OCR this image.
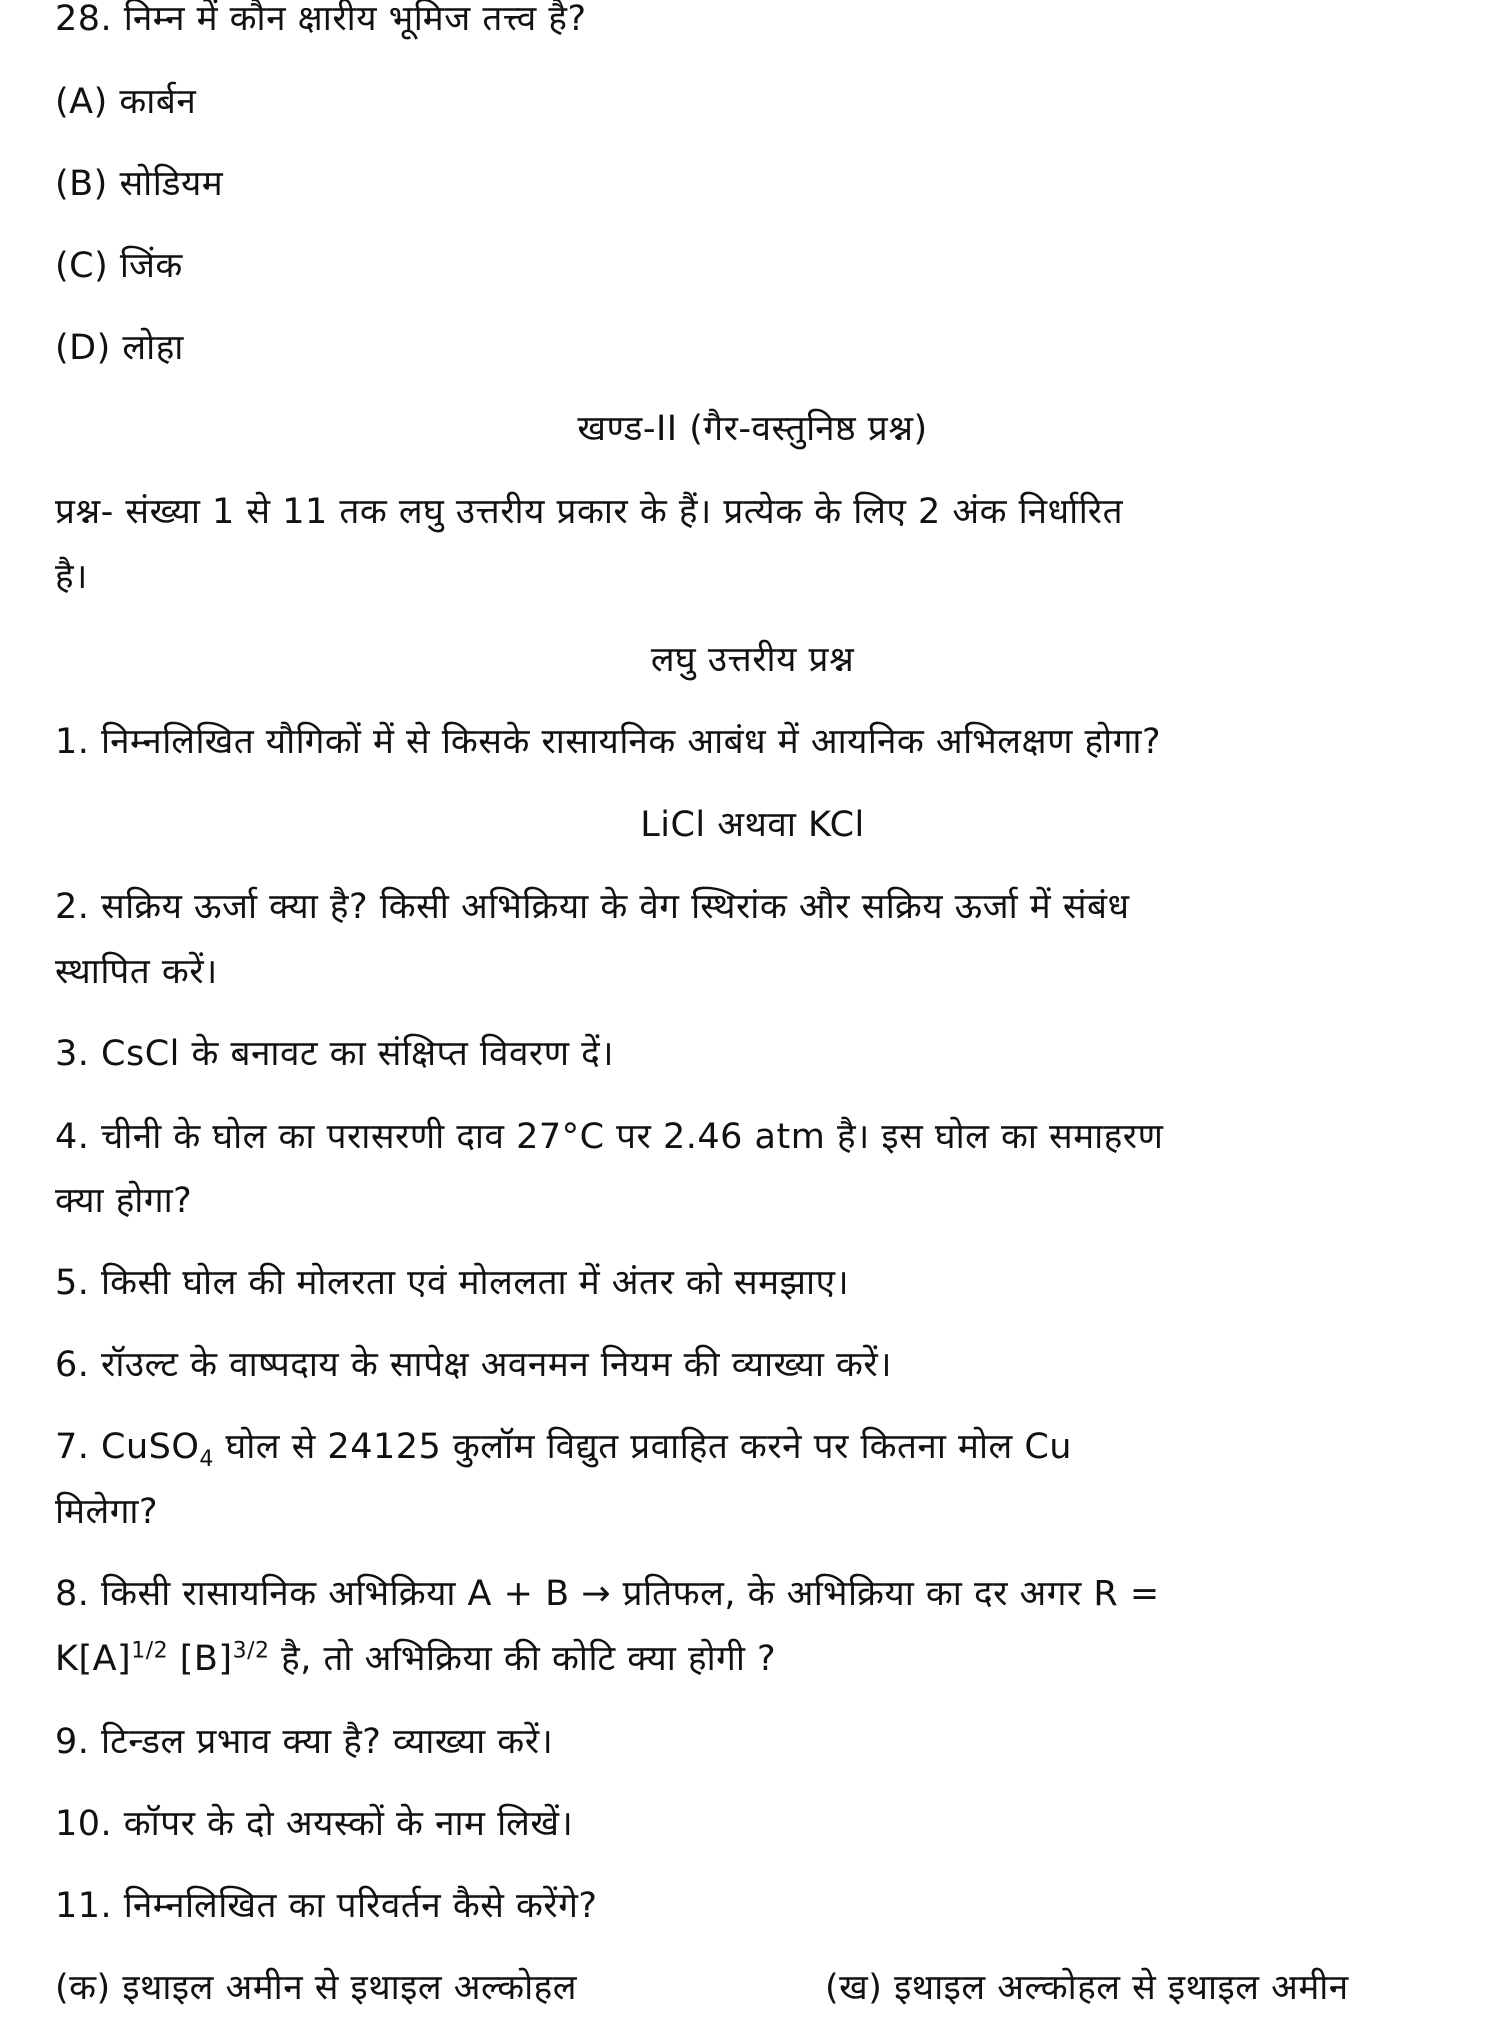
28. निम्न में कौन क्षारीय भूमिज तत्त्व है?
(A) कार्बन
(B) सोडियम
(C) जिंक
(D) लोहा
खण्ड-II (गैर-वस्तुनिष्ठ प्रश्न)
प्रश्न- संख्या 1 से 11 तक लघु उत्तरीय प्रकार के हैं। प्रत्येक के लिए 2 अंक निर्धारित
है।
लघु उत्तरीय प्रश्न
1. निम्नलिखित यौगिकों में से किसके रासायनिक आबंध में आयनिक अभिलक्षण होगा?
LiCl अथवा KCl
2. सक्रिय ऊर्जा क्या है? किसी अभिक्रिया के वेग स्थिरांक और सक्रिय ऊर्जा में संबंध
स्थापित करें।
3. CsCl के बनावट का संक्षिप्त विवरण दें।
4. चीनी के घोल का परासरणी दाव 27°C पर 2.46 atm है। इस घोल का समाहरण
क्या होगा?
5. किसी घोल की मोलरता एवं मोललता में अंतर को समझाए।
6. रॉउल्ट के वाष्पदाय के सापेक्ष अवनमन नियम की व्याख्या करें।
7. CuSO$_4$ घोल से 24125 कुलॉम विद्युत प्रवाहित करने पर कितना मोल Cu
मिलेगा?
8. किसी रासायनिक अभिक्रिया A + B → प्रतिफल, के अभिक्रिया का दर अगर R =
$K[A]^{1/2}$ $[B]^{3/2}$ है, तो अभिक्रिया की कोटि क्या होगी ?
9. टिन्डल प्रभाव क्या है? व्याख्या करें।
10. कॉपर के दो अयस्कों के नाम लिखें।
11. निम्नलिखित का परिवर्तन कैसे करेंगे?
(क) इथाइल अमीन से इथाइल अल्कोहल	(ख) इथाइल अल्कोहल से इथाइल अमीन
